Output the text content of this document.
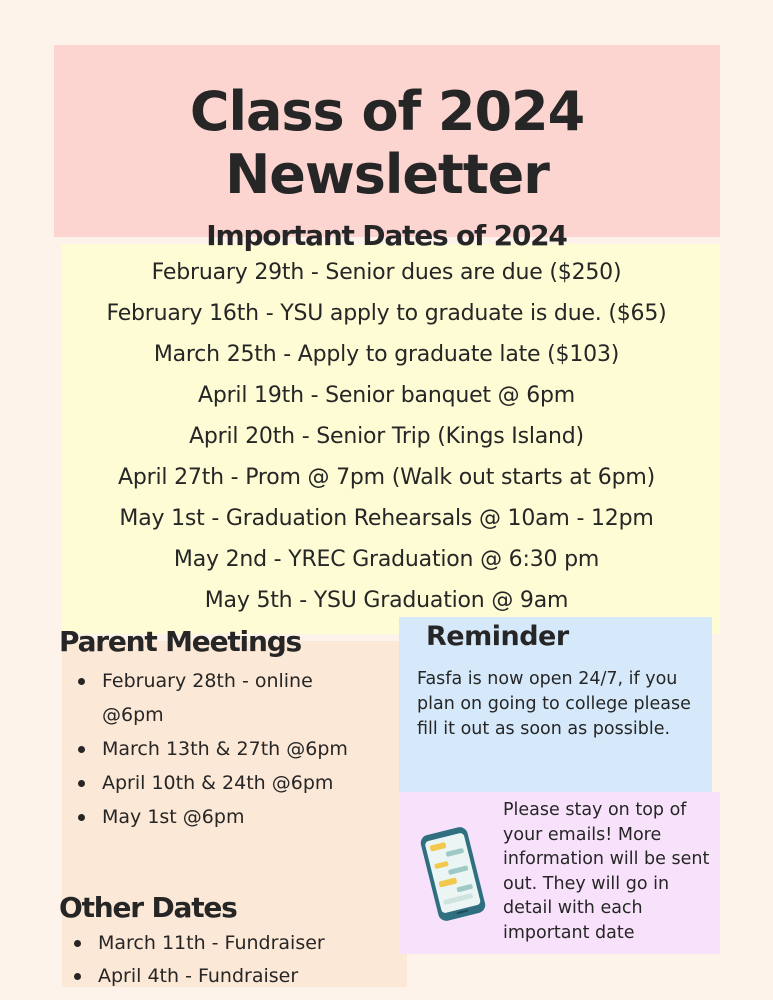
Class of 2024
Newsletter
Important Dates of 2024
February 29th - Senior dues are due ($250)
February 16th - YSU apply to graduate is due. ($65)
March 25th - Apply to graduate late ($103)
April 19th - Senior banquet @ 6pm
April 20th - Senior Trip (Kings Island)
April 27th - Prom @ 7pm (Walk out starts at 6pm)
May 1st - Graduation Rehearsals @ 10am - 12pm
May 2nd - YREC Graduation @ 6:30 pm
May 5th - YSU Graduation @ 9am
Parent Meetings
February 28th - online @6pm
March 13th & 27th @6pm
April 10th & 24th @6pm
May 1st @6pm
Other Dates
March 11th - Fundraiser
April 4th - Fundraiser
Reminder
Fasfa is now open 24/7, if you plan on going to college please fill it out as soon as possible.
Please stay on top of your emails! More information will be sent out. They will go in detail with each important date
